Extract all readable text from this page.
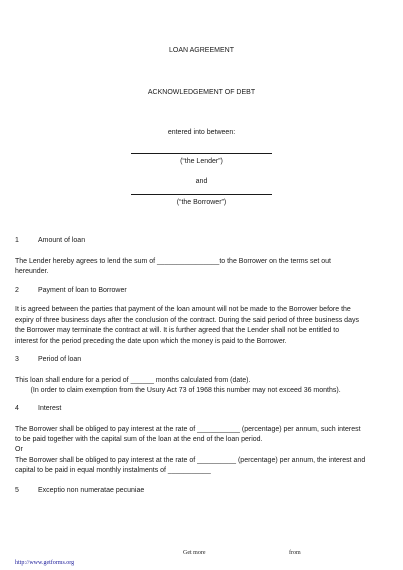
LOAN AGREEMENT
ACKNOWLEDGEMENT OF DEBT
entered into between:
(“the Lender”)
and
(“the Borrower”)
1	Amount of loan
The Lender hereby agrees to lend the sum of ________________to the Borrower on the terms set out
hereunder.
2	Payment of loan to Borrower
It is agreed between the parties that payment of the loan amount will not be made to the Borrower before the
expiry of three business days after the conclusion of the contract. During the said period of three business days
the Borrower may terminate the contract at will. It is further agreed that the Lender shall not be entitled to
interest for the period preceding the date upon which the money is paid to the Borrower.
3	Period of loan
This loan shall endure for a period of ______ months calculated from (date).
(In order to claim exemption from the Usury Act 73 of 1968 this number may not exceed 36 months).
4	Interest
The Borrower shall be obliged to pay interest at the rate of ___________ (percentage) per annum, such interest
to be paid together with the capital sum of the loan at the end of the loan period.
Or
The Borrower shall be obliged to pay interest at the rate of __________ (percentage) per annum, the interest and
capital to be paid in equal monthly instalments of ___________
5	Exceptio non numeratae pecuniae
http://www.getforms.org
Get more	from
